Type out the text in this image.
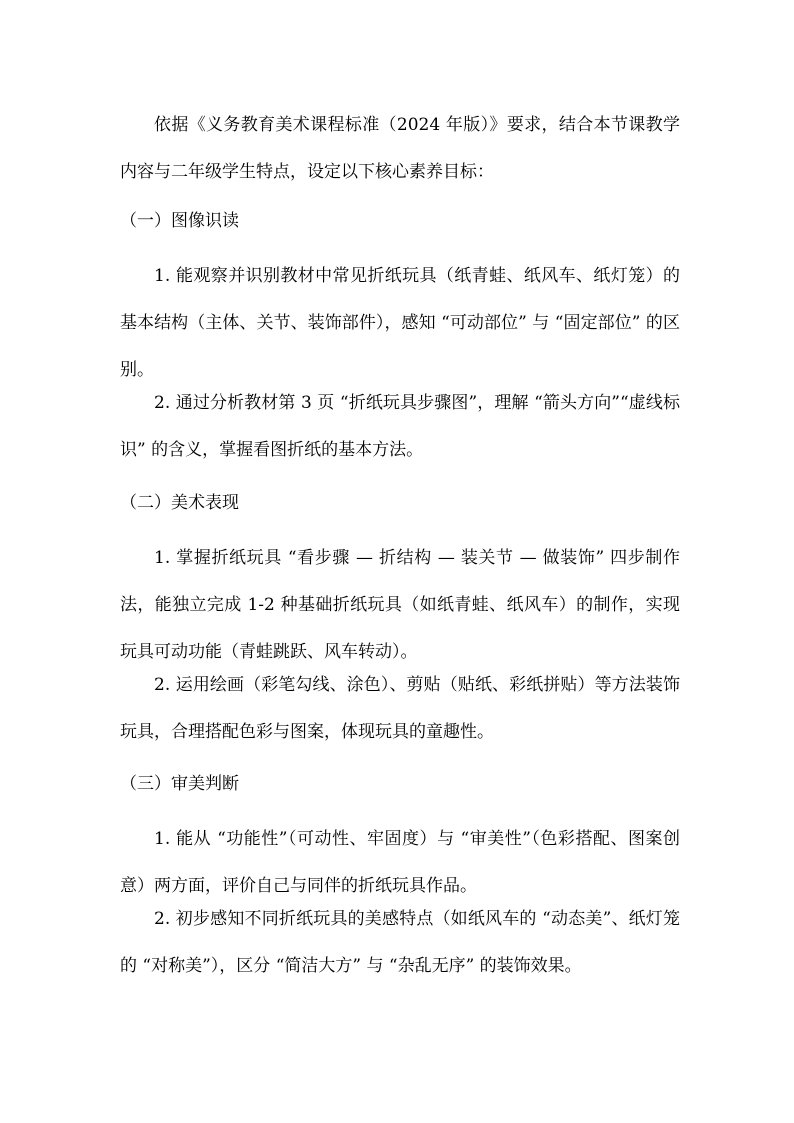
依据《义务教育美术课程标准（2024 年版）》要求，结合本节课教学内容与二年级学生特点，设定以下核心素养目标：

（一）图像识读

1. 能观察并识别教材中常见折纸玩具（纸青蛙、纸风车、纸灯笼）的基本结构（主体、关节、装饰部件），感知 “可动部位” 与 “固定部位” 的区别。

2. 通过分析教材第 3 页 “折纸玩具步骤图”，理解 “箭头方向”“虚线标识” 的含义，掌握看图折纸的基本方法。

（二）美术表现

1. 掌握折纸玩具 “看步骤 — 折结构 — 装关节 — 做装饰” 四步制作法，能独立完成 1-2 种基础折纸玩具（如纸青蛙、纸风车）的制作，实现玩具可动功能（青蛙跳跃、风车转动）。

2. 运用绘画（彩笔勾线、涂色）、剪贴（贴纸、彩纸拼贴）等方法装饰玩具，合理搭配色彩与图案，体现玩具的童趣性。

（三）审美判断

1. 能从 “功能性”（可动性、牢固度）与 “审美性”（色彩搭配、图案创意）两方面，评价自己与同伴的折纸玩具作品。

2. 初步感知不同折纸玩具的美感特点（如纸风车的 “动态美”、纸灯笼的 “对称美”），区分 “简洁大方” 与 “杂乱无序” 的装饰效果。
